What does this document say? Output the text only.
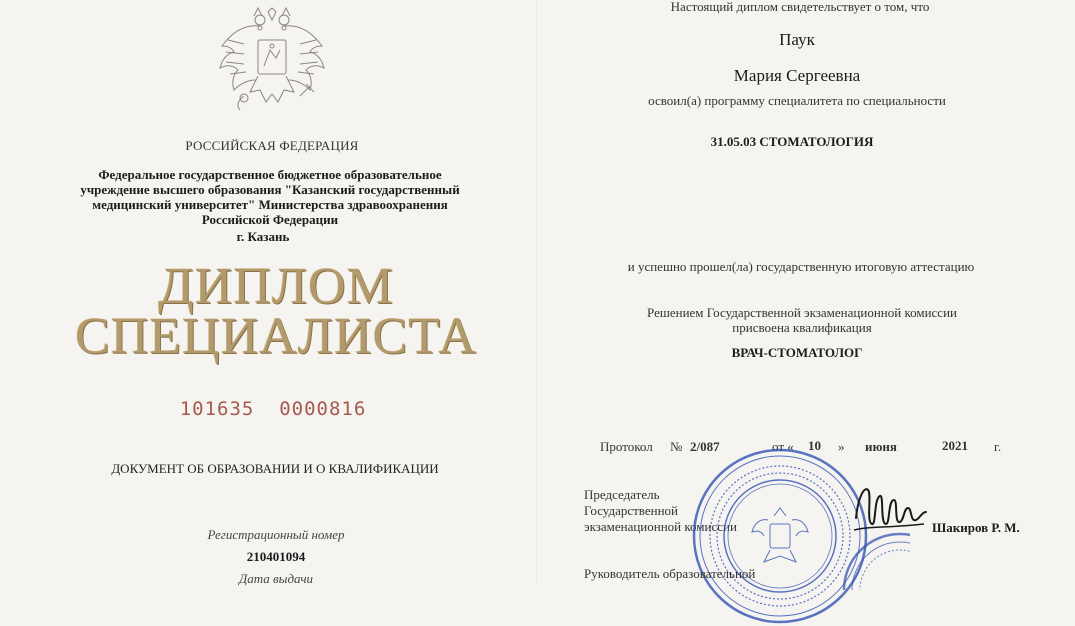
РОССИЙСКАЯ ФЕДЕРАЦИЯ
Федеральное государственное бюджетное образовательное
учреждение высшего образования "Казанский государственный
медицинский университет" Министерства здравоохранения
Российской Федерации
г. Казань
ДИПЛОМ
СПЕЦИАЛИСТА
101635  0000816
ДОКУМЕНТ ОБ ОБРАЗОВАНИИ И О КВАЛИФИКАЦИИ
Регистрационный номер
210401094
Дата выдачи
Настоящий диплом свидетельствует о том, что
Паук
Мария Сергеевна
освоил(а) программу специалитета по специальности
31.05.03 СТОМАТОЛОГИЯ
и успешно прошел(ла) государственную итоговую аттестацию
Решением Государственной экзаменационной комиссии
присвоена квалификация
ВРАЧ-СТОМАТОЛОГ
Протокол № 2/087	от « 10 » июня	2021 г.
Председатель
Государственной
экзаменационной комиссии	Шакиров Р. М.
Руководитель образовательной
